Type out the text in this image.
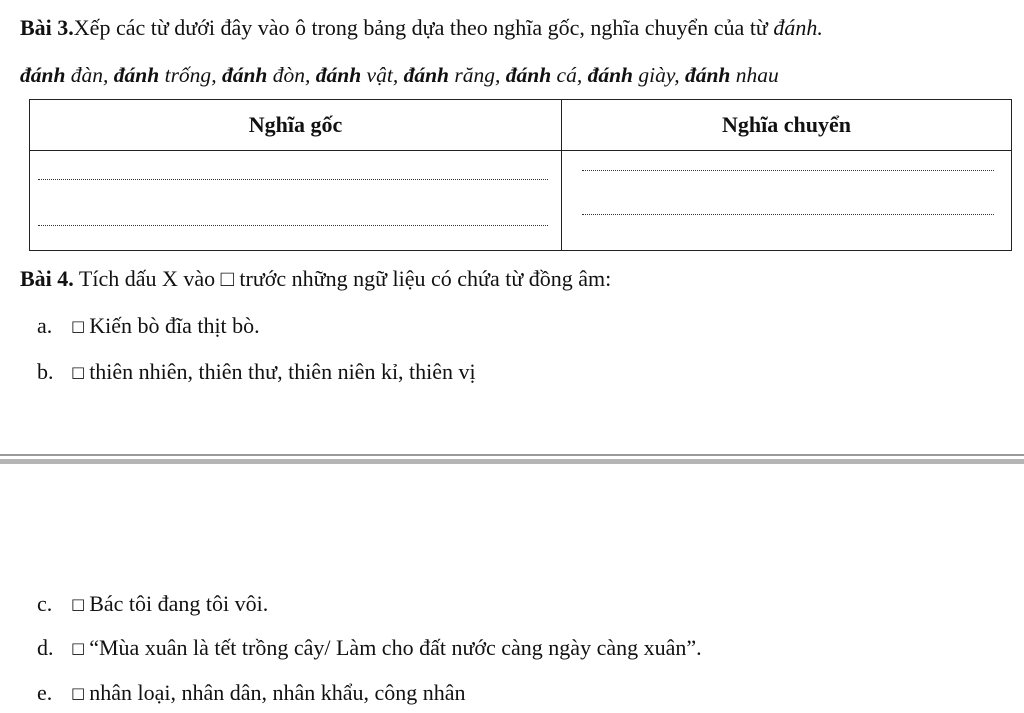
Bài 3.Xếp các từ dưới đây vào ô trong bảng dựa theo nghĩa gốc, nghĩa chuyển của từ đánh.
đánh đàn, đánh trống, đánh đòn, đánh vật, đánh răng, đánh cá, đánh giày, đánh nhau
Nghĩa gốc	Nghĩa chuyển

Bài 4. Tích dấu X vào □ trước những ngữ liệu có chứa từ đồng âm:
a. □ Kiến bò đĩa thịt bò.
b. □ thiên nhiên, thiên thư, thiên niên kỉ, thiên vị
c. □ Bác tôi đang tôi vôi.
d. □ “Mùa xuân là tết trồng cây/ Làm cho đất nước càng ngày càng xuân”.
e. □ nhân loại, nhân dân, nhân khẩu, công nhân
